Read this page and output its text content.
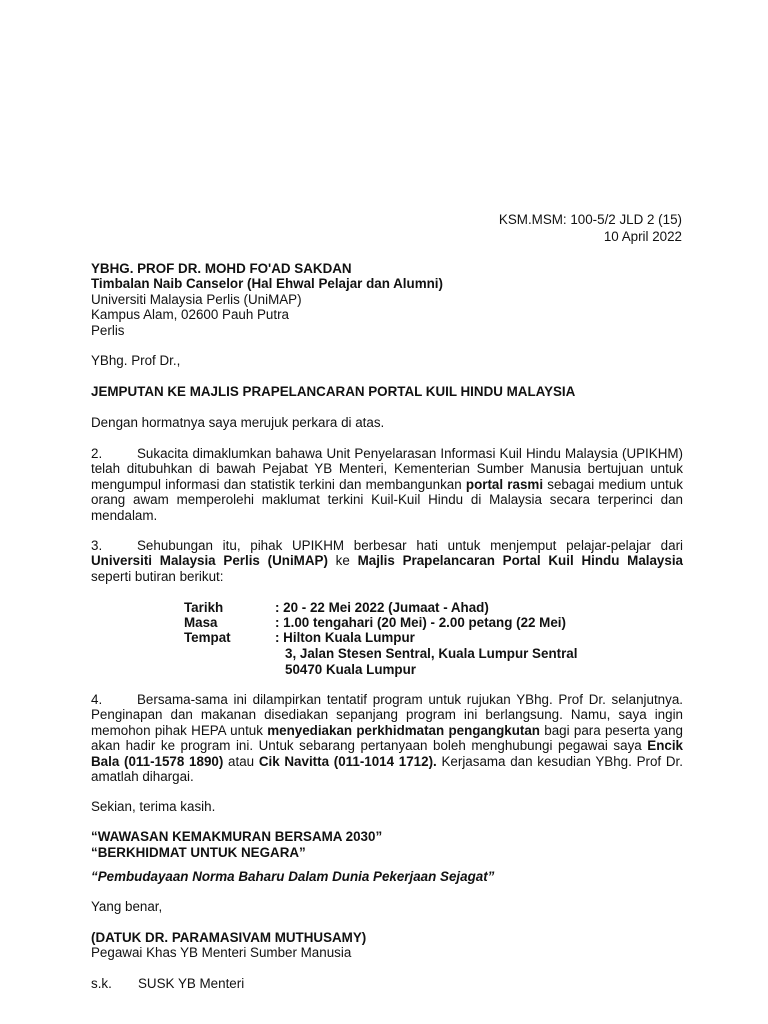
KSM.MSM: 100-5/2 JLD 2 (15)
10 April 2022
YBHG. PROF DR. MOHD FO'AD SAKDAN
Timbalan Naib Canselor (Hal Ehwal Pelajar dan Alumni)
Universiti Malaysia Perlis (UniMAP)
Kampus Alam, 02600 Pauh Putra
Perlis
YBhg. Prof Dr.,
JEMPUTAN KE MAJLIS PRAPELANCARAN PORTAL KUIL HINDU MALAYSIA
Dengan hormatnya saya merujuk perkara di atas.
2.	Sukacita dimaklumkan bahawa Unit Penyelarasan Informasi Kuil Hindu Malaysia (UPIKHM) telah ditubuhkan di bawah Pejabat YB Menteri, Kementerian Sumber Manusia bertujuan untuk mengumpul informasi dan statistik terkini dan membangunkan portal rasmi sebagai medium untuk orang awam memperolehi maklumat terkini Kuil-Kuil Hindu di Malaysia secara terperinci dan mendalam.
3.	Sehubungan itu, pihak UPIKHM berbesar hati untuk menjemput pelajar-pelajar dari Universiti Malaysia Perlis (UniMAP) ke Majlis Prapelancaran Portal Kuil Hindu Malaysia seperti butiran berikut:
Tarikh	: 20 - 22 Mei 2022 (Jumaat - Ahad)
Masa	: 1.00 tengahari (20 Mei) - 2.00 petang (22 Mei)
Tempat	: Hilton Kuala Lumpur
3, Jalan Stesen Sentral, Kuala Lumpur Sentral
50470 Kuala Lumpur
4.	Bersama-sama ini dilampirkan tentatif program untuk rujukan YBhg. Prof Dr. selanjutnya. Penginapan dan makanan disediakan sepanjang program ini berlangsung. Namu, saya ingin memohon pihak HEPA untuk menyediakan perkhidmatan pengangkutan bagi para peserta yang akan hadir ke program ini. Untuk sebarang pertanyaan boleh menghubungi pegawai saya Encik Bala (011-1578 1890) atau Cik Navitta (011-1014 1712). Kerjasama dan kesudian YBhg. Prof Dr. amatlah dihargai.
Sekian, terima kasih.
“WAWASAN KEMAKMURAN BERSAMA 2030”
“BERKHIDMAT UNTUK NEGARA”
“Pembudayaan Norma Baharu Dalam Dunia Pekerjaan Sejagat”
Yang benar,
(DATUK DR. PARAMASIVAM MUTHUSAMY)
Pegawai Khas YB Menteri Sumber Manusia
s.k. SUSK YB Menteri
